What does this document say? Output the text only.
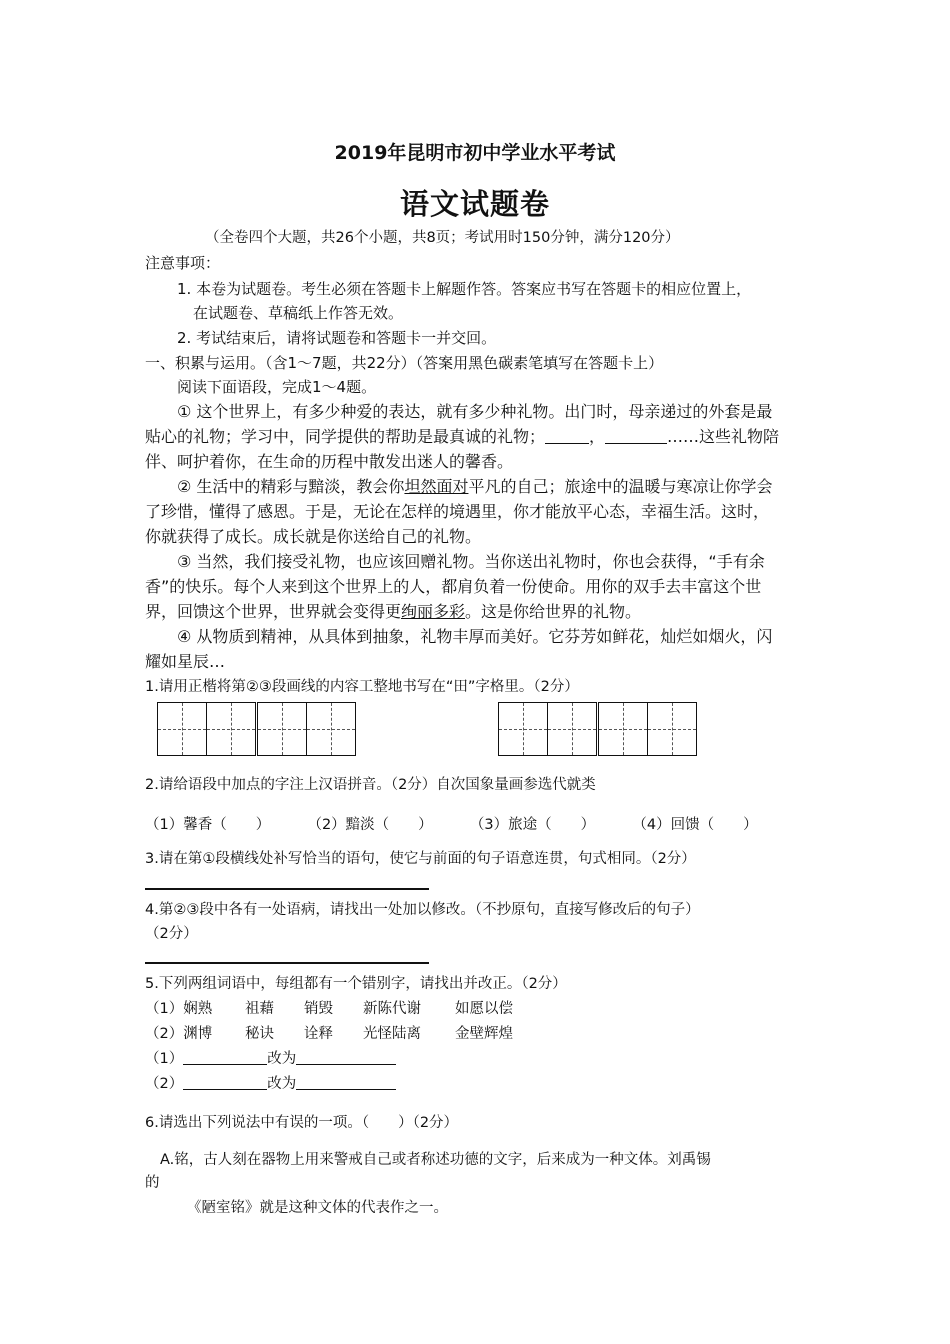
2019年昆明市初中学业水平考试
语文试题卷
（全卷四个大题，共26个小题，共8页；考试用时150分钟，满分120分）
注意事项：
1. 本卷为试题卷。考生必须在答题卡上解题作答。答案应书写在答题卡的相应位置上，
在试题卷、草稿纸上作答无效。
2. 考试结束后，请将试题卷和答题卡一并交回。
一、积累与运用。（含1～7题，共22分）（答案用黑色碳素笔填写在答题卡上）
阅读下面语段，完成1～4题。
① 这个世界上，有多少种爱的表达，就有多少种礼物。出门时，母亲递过的外套是最
贴心的礼物；学习中，同学提供的帮助是最真诚的礼物；	，	……这些礼物陪
伴、呵护着你，在生命的历程中散发出迷人的馨香。
② 生活中的精彩与黯淡，教会你坦然面对平凡的自己；旅途中的温暖与寒凉让你学会
了珍惜，懂得了感恩。于是，无论在怎样的境遇里，你才能放平心态，幸福生活。这时，
你就获得了成长。成长就是你送给自己的礼物。
③ 当然，我们接受礼物，也应该回赠礼物。当你送出礼物时，你也会获得，“手有余
香”的快乐。每个人来到这个世界上的人，都肩负着一份使命。用你的双手去丰富这个世
界，回馈这个世界，世界就会变得更绚丽多彩。这是你给世界的礼物。
④ 从物质到精神，从具体到抽象，礼物丰厚而美好。它芬芳如鲜花，灿烂如烟火，闪
耀如星辰…
1.请用正楷将第②③段画线的内容工整地书写在“田”字格里。（2分）
2.请给语段中加点的字注上汉语拼音。（2分）自次国象量画参选代就类
（1）馨香（　　）	（2）黯淡（　　）	（3）旅途（　　）	（4）回馈（　　）
3.请在第①段横线处补写恰当的语句，使它与前面的句子语意连贯，句式相同。（2分）
4.第②③段中各有一处语病，请找出一处加以修改。（不抄原句，直接写修改后的句子）
（2分）
5.下列两组词语中，每组都有一个错别字，请找出并改正。（2分）
（1）娴熟 祖藉 销毁 新陈代谢 如愿以偿
（2）渊博 秘诀 诠释 光怪陆离 金壁辉煌
（1）	改为
（2）	改为
6.请选出下列说法中有误的一项。（　　）（2分）
A.铭，古人刻在器物上用来警戒自己或者称述功德的文字，后来成为一种文体。刘禹锡
的
《陋室铭》就是这种文体的代表作之一。
